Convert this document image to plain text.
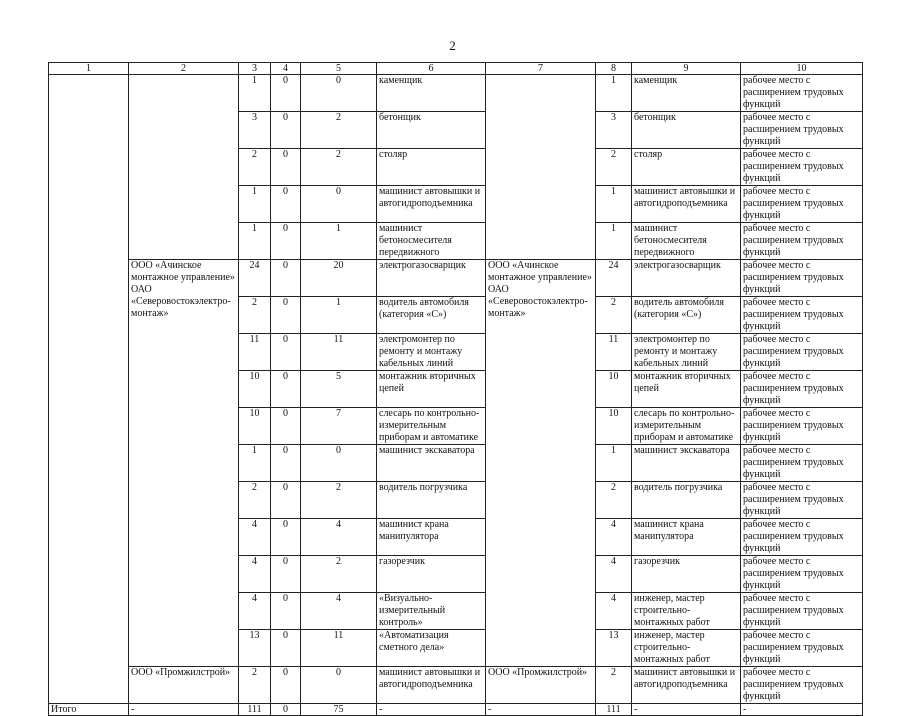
2
1	2	3	4	5	6	7	8	9	10
		1	0	0	каменщик		1	каменщик	рабочее место с расширением трудовых функций
		3	0	2	бетонщик		3	бетонщик	рабочее место с расширением трудовых функций
		2	0	2	столяр		2	столяр	рабочее место с расширением трудовых функций
		1	0	0	машинист автовышки и автогидроподъемника		1	машинист автовышки и автогидроподъемника	рабочее место с расширением трудовых функций
		1	0	1	машинист бетоносмесителя передвижного		1	машинист бетоносмесителя передвижного	рабочее место с расширением трудовых функций
	ООО «Ачинское монтажное управление» ОАО «Северовостокэлектро-монтаж»	24	0	20	электрогазосварщик	ООО «Ачинское монтажное управление» ОАО «Северовостокэлектро-монтаж»	24	электрогазосварщик	рабочее место с расширением трудовых функций
		2	0	1	водитель автомобиля (категория «С»)		2	водитель автомобиля (категория «С»)	рабочее место с расширением трудовых функций
		11	0	11	электромонтер по ремонту и монтажу кабельных линий		11	электромонтер по ремонту и монтажу кабельных линий	рабочее место с расширением трудовых функций
		10	0	5	монтажник вторичных цепей		10	монтажник вторичных цепей	рабочее место с расширением трудовых функций
		10	0	7	слесарь по контрольно-измерительным приборам и автоматике		10	слесарь по контрольно-измерительным приборам и автоматике	рабочее место с расширением трудовых функций
		1	0	0	машинист экскаватора		1	машинист экскаватора	рабочее место с расширением трудовых функций
		2	0	2	водитель погрузчика		2	водитель погрузчика	рабочее место с расширением трудовых функций
		4	0	4	машинист крана манипулятора		4	машинист крана манипулятора	рабочее место с расширением трудовых функций
		4	0	2	газорезчик		4	газорезчик	рабочее место с расширением трудовых функций
		4	0	4	«Визуально-измерительный контроль»		4	инженер, мастер строительно-монтажных работ	рабочее место с расширением трудовых функций
		13	0	11	«Автоматизация сметного дела»		13	инженер, мастер строительно-монтажных работ	рабочее место с расширением трудовых функций
	ООО «Промжилстрой»	2	0	0	машинист автовышки и автогидроподъемника	ООО «Промжилстрой»	2	машинист автовышки и автогидроподъемника	рабочее место с расширением трудовых функций
Итого	-	111	0	75	-	-	111	-	-
